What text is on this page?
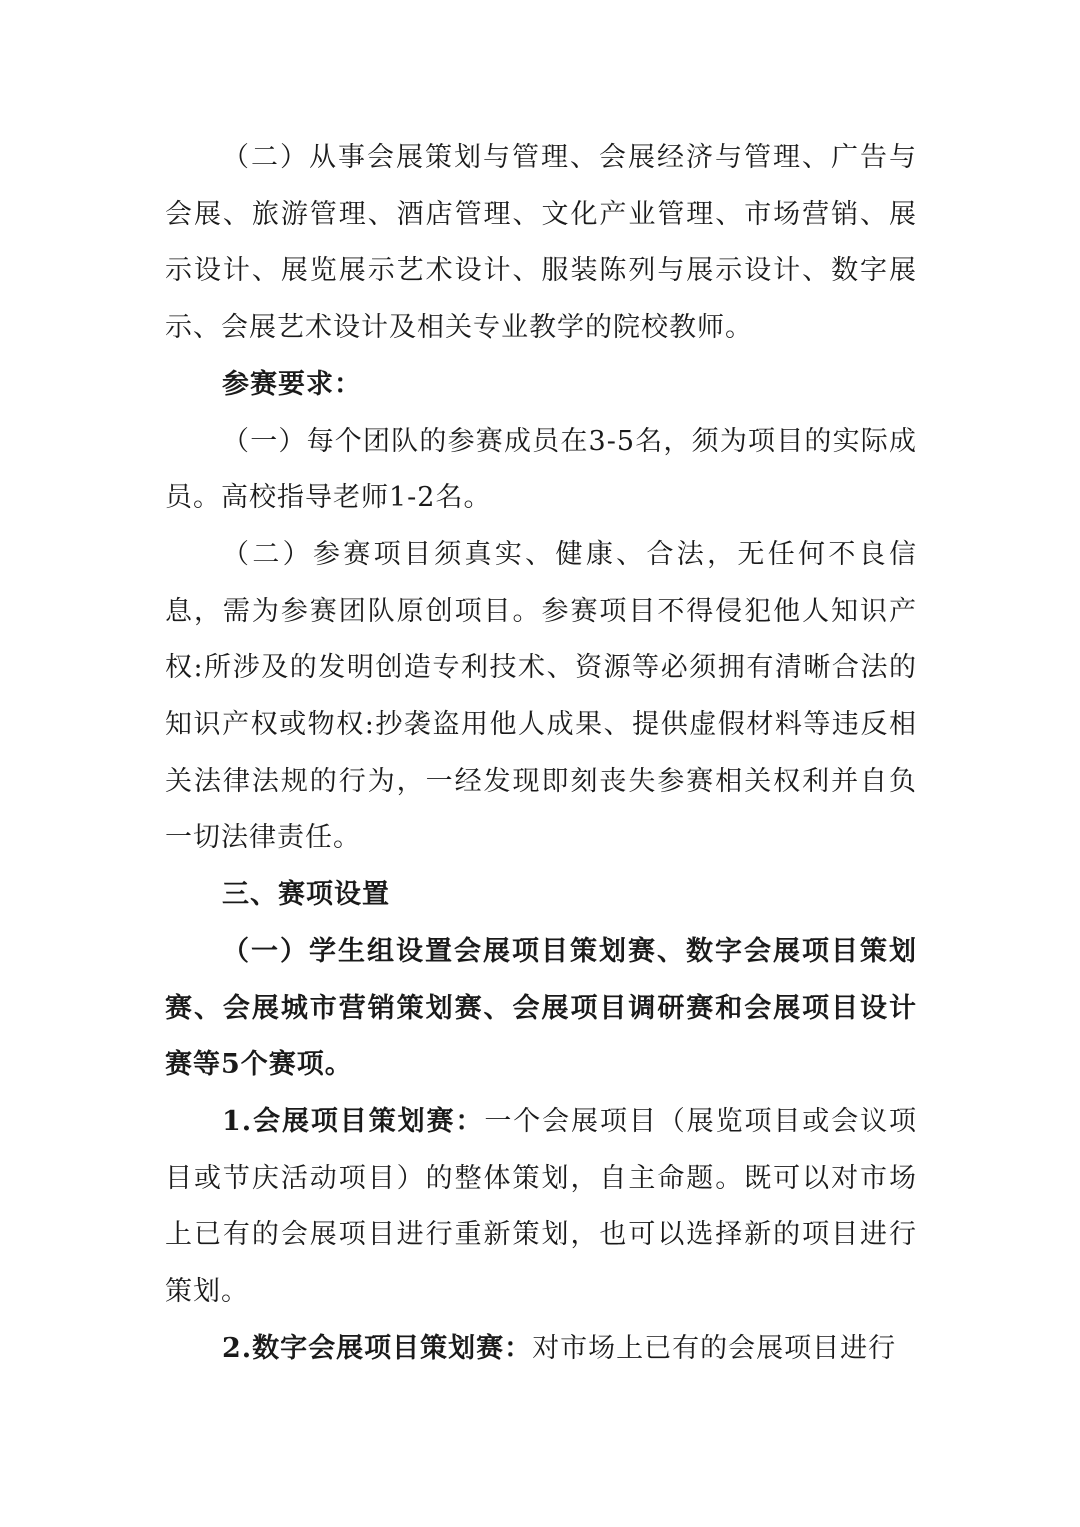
（二）从事会展策划与管理、会展经济与管理、广告与会展、旅游管理、酒店管理、文化产业管理、市场营销、展示设计、展览展示艺术设计、服装陈列与展示设计、数字展示、会展艺术设计及相关专业教学的院校教师。

参赛要求：

（一）每个团队的参赛成员在3-5名，须为项目的实际成员。高校指导老师1-2名。

（二）参赛项目须真实、健康、合法，无任何不良信息，需为参赛团队原创项目。参赛项目不得侵犯他人知识产权:所涉及的发明创造专利技术、资源等必须拥有清晰合法的知识产权或物权:抄袭盗用他人成果、提供虚假材料等违反相关法律法规的行为，一经发现即刻丧失参赛相关权利并自负一切法律责任。

三、赛项设置

（一）学生组设置会展项目策划赛、数字会展项目策划赛、会展城市营销策划赛、会展项目调研赛和会展项目设计赛等5个赛项。

1.会展项目策划赛：一个会展项目（展览项目或会议项目或节庆活动项目）的整体策划，自主命题。既可以对市场上已有的会展项目进行重新策划，也可以选择新的项目进行策划。

2.数字会展项目策划赛：对市场上已有的会展项目进行
